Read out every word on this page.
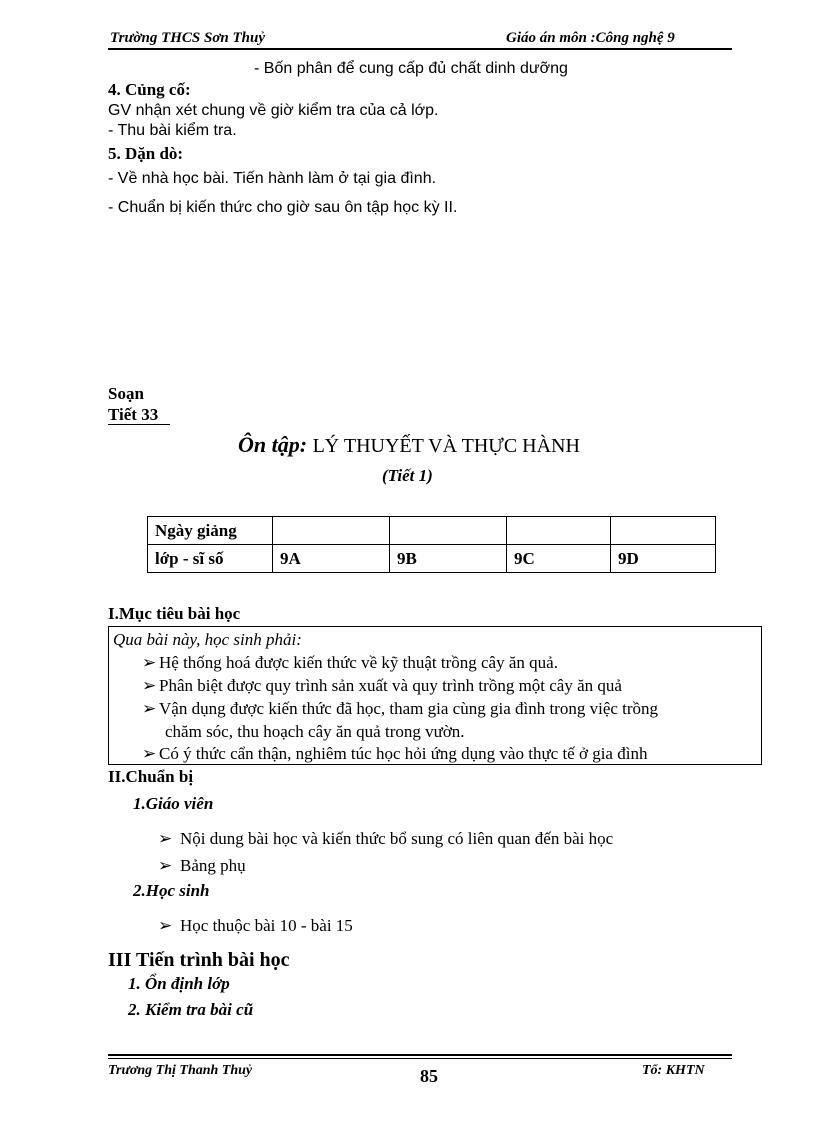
Trường THCS Sơn Thuỷ	Giáo án môn :Công nghệ 9
- Bốn phân để cung cấp đủ chất dinh dưỡng
4. Củng cố:
GV nhận xét chung về giờ kiểm tra của cả lớp.
- Thu bài kiểm tra.
5. Dặn dò:
- Về nhà học bài. Tiến hành làm ở tại gia đình.
- Chuẩn bị kiến thức cho giờ sau ôn tập học kỳ II.
Soạn
Tiết 33
Ôn tập: LÝ THUYẾT VÀ THỰC HÀNH
(Tiết 1)
Ngày giảng				
lớp - sĩ số	9A	9B	9C	9D
I.Mục tiêu bài học
Qua bài này, học sinh phải:
➢ Hệ thống hoá được kiến thức về kỹ thuật trồng cây ăn quả.
➢ Phân biệt được quy trình sản xuất và quy trình trồng một cây ăn quả
➢ Vận dụng được kiến thức đã học, tham gia cùng gia đình trong việc trồng
chăm sóc, thu hoạch cây ăn quả trong vườn.
➢ Có ý thức cẩn thận, nghiêm túc học hỏi ứng dụng vào thực tế ở gia đình
II.Chuẩn bị
1.Giáo viên
➢ Nội dung bài học và kiến thức bổ sung có liên quan đến bài học
➢ Bảng phụ
2.Học sinh
➢ Học thuộc bài 10 - bài 15
III Tiến trình bài học
1. Ổn định lớp
2. Kiểm tra bài cũ
Trương Thị Thanh Thuỷ	85	Tổ: KHTN
